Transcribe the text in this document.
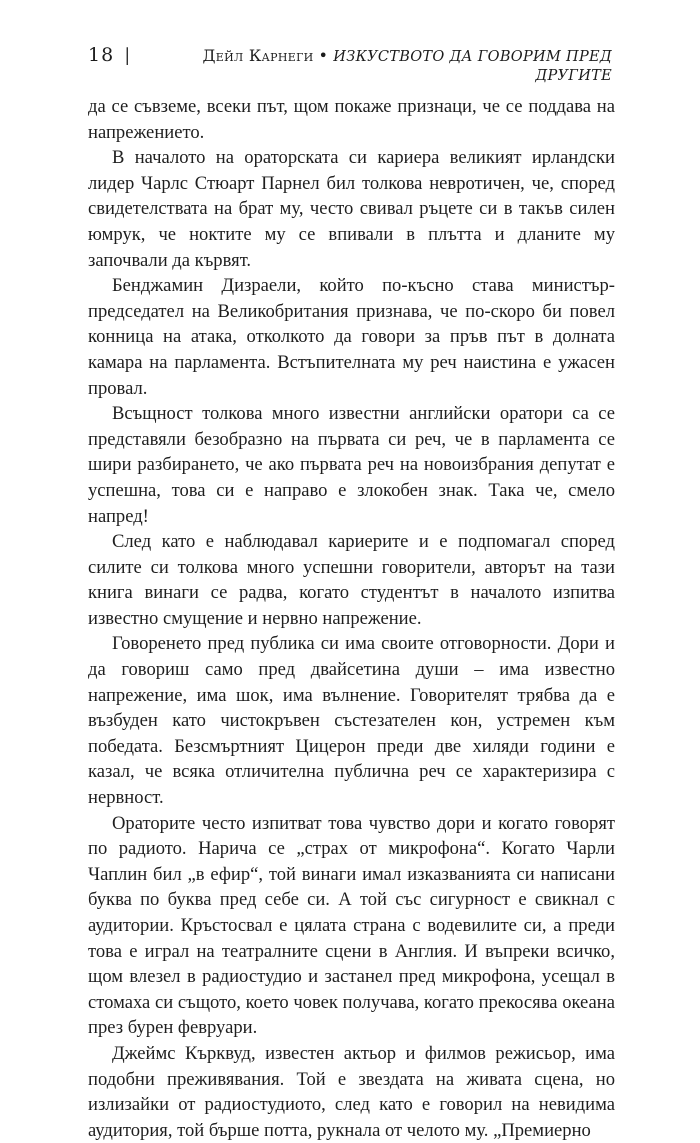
18 |	Дейл Карнеги • ИЗКУСТВОТО ДА ГОВОРИМ ПРЕД ДРУГИТЕ

да се съвземе, всеки път, щом покаже признаци, че се поддава на напрежението.

В началото на ораторската си кариера великият ирландски лидер Чарлс Стюарт Парнел бил толкова невротичен, че, според свидетелствата на брат му, често свивал ръцете си в такъв силен юмрук, че ноктите му се впивали в плътта и дланите му започвали да кървят.

Бенджамин Дизраели, който по-късно става министър-председател на Великобритания признава, че по-скоро би повел конница на атака, отколкото да говори за пръв път в долната камара на парламента. Встъпителната му реч наистина е ужасен провал.

Всъщност толкова много известни английски оратори са се представяли безобразно на първата си реч, че в парламента се шири разбирането, че ако първата реч на новоизбрания депутат е успешна, това си е направо е злокобен знак. Така че, смело напред!

След като е наблюдавал кариерите и е подпомагал според силите си толкова много успешни говорители, авторът на тази книга винаги се радва, когато студентът в началото изпитва известно смущение и нервно напрежение.

Говоренето пред публика си има своите отговорности. Дори и да говориш само пред двайсетина души – има известно напрежение, има шок, има вълнение. Говорителят трябва да е възбуден като чистокръвен състезателен кон, устремен към победата. Безсмъртният Цицерон преди две хиляди години е казал, че всяка отличителна публична реч се характеризира с нервност.

Ораторите често изпитват това чувство дори и когато говорят по радиото. Нарича се „страх от микрофона“. Когато Чарли Чаплин бил „в ефир“, той винаги имал изказванията си написани буква по буква пред себе си. А той със сигурност е свикнал с аудитории. Кръстосвал е цялата страна с водевилите си, а преди това е играл на театралните сцени в Англия. И въпреки всичко, щом влезел в радиостудио и застанел пред микрофона, усещал в стомаха си същото, което човек получава, когато прекосява океана през бурен февруари.

Джеймс Кърквуд, известен актьор и филмов режисьор, има подобни преживявания. Той е звездата на живата сцена, но излизайки от радиостудиото, след като е говорил на невидима аудитория, той бърше потта, рукнала от челото му. „Премиерно
